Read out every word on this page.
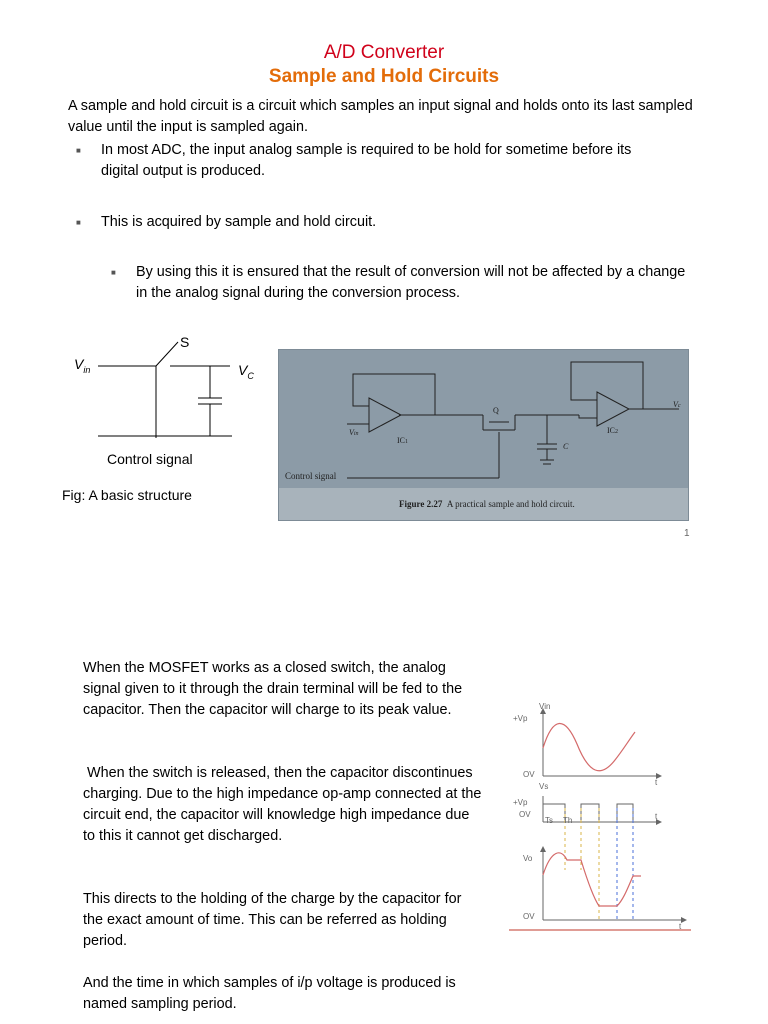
A/D Converter
Sample and Hold Circuits
A sample and hold circuit is a circuit which samples an input signal and holds onto its last sampled value until the input is sampled again.
■ In most ADC, the input analog sample is required to be hold for sometime before its digital output is produced.
■ This is acquired by sample and hold circuit.
■ By using this it is ensured that the result of conversion will not be affected by a change in the analog signal during the conversion process.
$V_{in}$
S
$V_C$
Control signal
Fig: A basic structure
Vin
IC1
Q
C
IC2
Vc
Control signal
Figure 2.27 A practical sample and hold circuit.
1
When the MOSFET works as a closed switch, the analog signal given to it through the drain terminal will be fed to the capacitor. Then the capacitor will charge to its peak value.
When the switch is released, then the capacitor discontinues charging. Due to the high impedance op-amp connected at the circuit end, the capacitor will knowledge high impedance due to this it cannot get discharged.
This directs to the holding of the charge by the capacitor for the exact amount of time. This can be referred as holding period.
And the time in which samples of i/p voltage is produced is named sampling period.
Vin
+Vp
OV
t
Vs
+Vp
OV
Ts Th	t
Vo
OV
t
